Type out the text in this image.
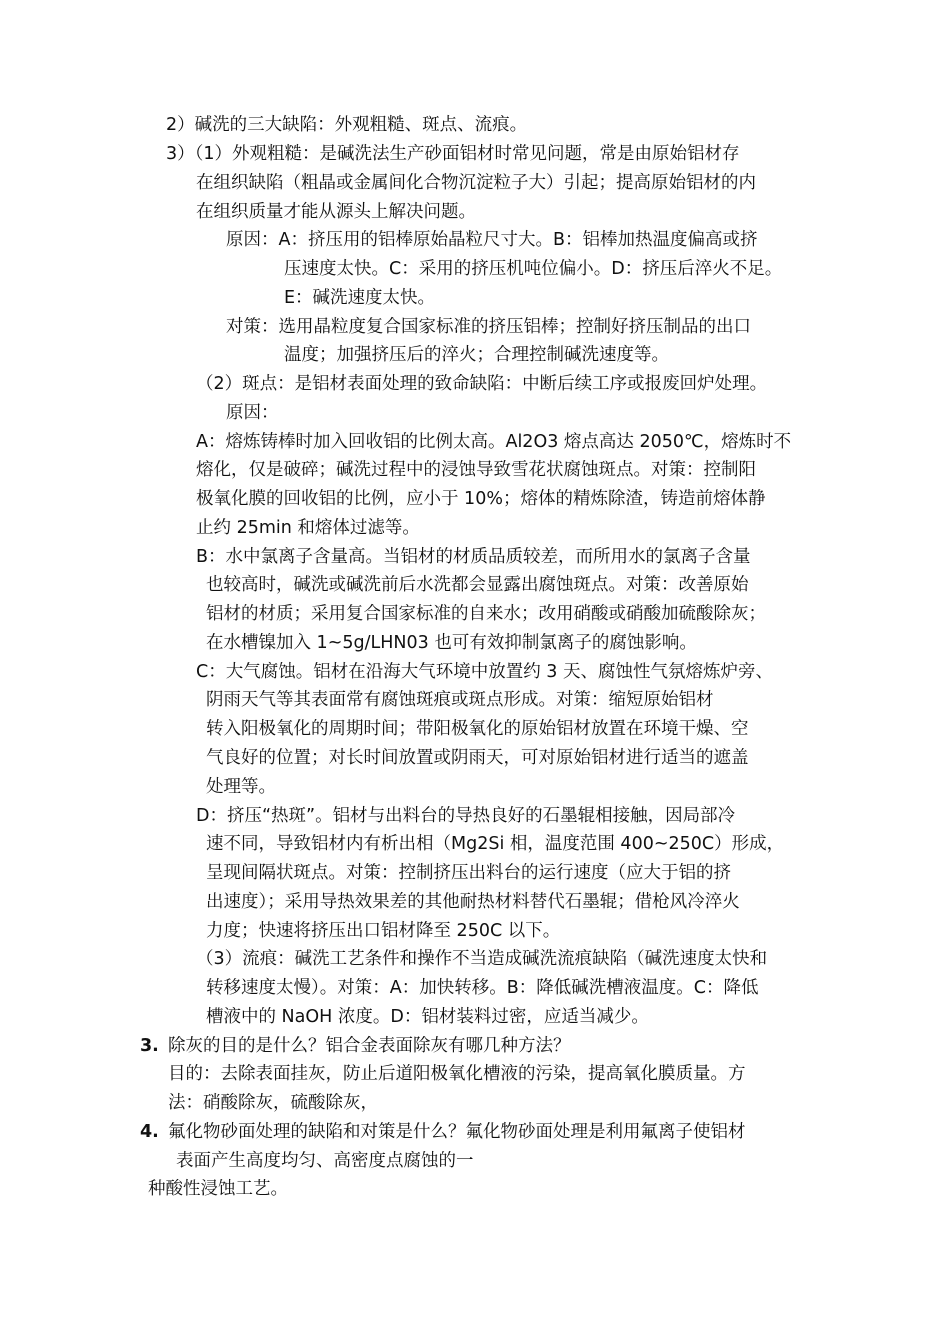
2）碱洗的三大缺陷：外观粗糙、斑点、流痕。
3）（1）外观粗糙：是碱洗法生产砂面铝材时常见问题，常是由原始铝材存
在组织缺陷（粗晶或金属间化合物沉淀粒子大）引起；提高原始铝材的内
在组织质量才能从源头上解决问题。
原因：A：挤压用的铝棒原始晶粒尺寸大。B：铝棒加热温度偏高或挤
压速度太快。C：采用的挤压机吨位偏小。D：挤压后淬火不足。
E：碱洗速度太快。
对策：选用晶粒度复合国家标准的挤压铝棒；控制好挤压制品的出口
温度；加强挤压后的淬火；合理控制碱洗速度等。
（2）斑点：是铝材表面处理的致命缺陷：中断后续工序或报废回炉处理。
原因：
A：熔炼铸棒时加入回收铝的比例太高。Al2O3 熔点高达 2050℃，熔炼时不
熔化，仅是破碎；碱洗过程中的浸蚀导致雪花状腐蚀斑点。对策：控制阳
极氧化膜的回收铝的比例，应小于 10%；熔体的精炼除渣，铸造前熔体静
止约 25min 和熔体过滤等。
B：水中氯离子含量高。当铝材的材质品质较差，而所用水的氯离子含量
也较高时，碱洗或碱洗前后水洗都会显露出腐蚀斑点。对策：改善原始
铝材的材质；采用复合国家标准的自来水；改用硝酸或硝酸加硫酸除灰；
在水槽镍加入 1~5g/LHN03 也可有效抑制氯离子的腐蚀影响。
C：大气腐蚀。铝材在沿海大气环境中放置约 3 天、腐蚀性气氛熔炼炉旁、
阴雨天气等其表面常有腐蚀斑痕或斑点形成。对策：缩短原始铝材
转入阳极氧化的周期时间；带阳极氧化的原始铝材放置在环境干燥、空
气良好的位置；对长时间放置或阴雨天，可对原始铝材进行适当的遮盖
处理等。
D：挤压“热斑”。铝材与出料台的导热良好的石墨辊相接触，因局部冷
速不同，导致铝材内有析出相（Mg2Si 相，温度范围 400~250C）形成，
呈现间隔状斑点。对策：控制挤压出料台的运行速度（应大于铝的挤
出速度）；采用导热效果差的其他耐热材料替代石墨辊；借枪风冷淬火
力度；快速将挤压出口铝材降至 250C 以下。
（3）流痕：碱洗工艺条件和操作不当造成碱洗流痕缺陷（碱洗速度太快和
转移速度太慢）。对策：A：加快转移。B：降低碱洗槽液温度。C：降低
槽液中的 NaOH 浓度。D：铝材装料过密，应适当减少。
3. 除灰的目的是什么？铝合金表面除灰有哪几种方法？
目的：去除表面挂灰，防止后道阳极氧化槽液的污染，提高氧化膜质量。方
法：硝酸除灰，硫酸除灰，
4. 氟化物砂面处理的缺陷和对策是什么？氟化物砂面处理是利用氟离子使铝材
表面产生高度均匀、高密度点腐蚀的一
种酸性浸蚀工艺。
